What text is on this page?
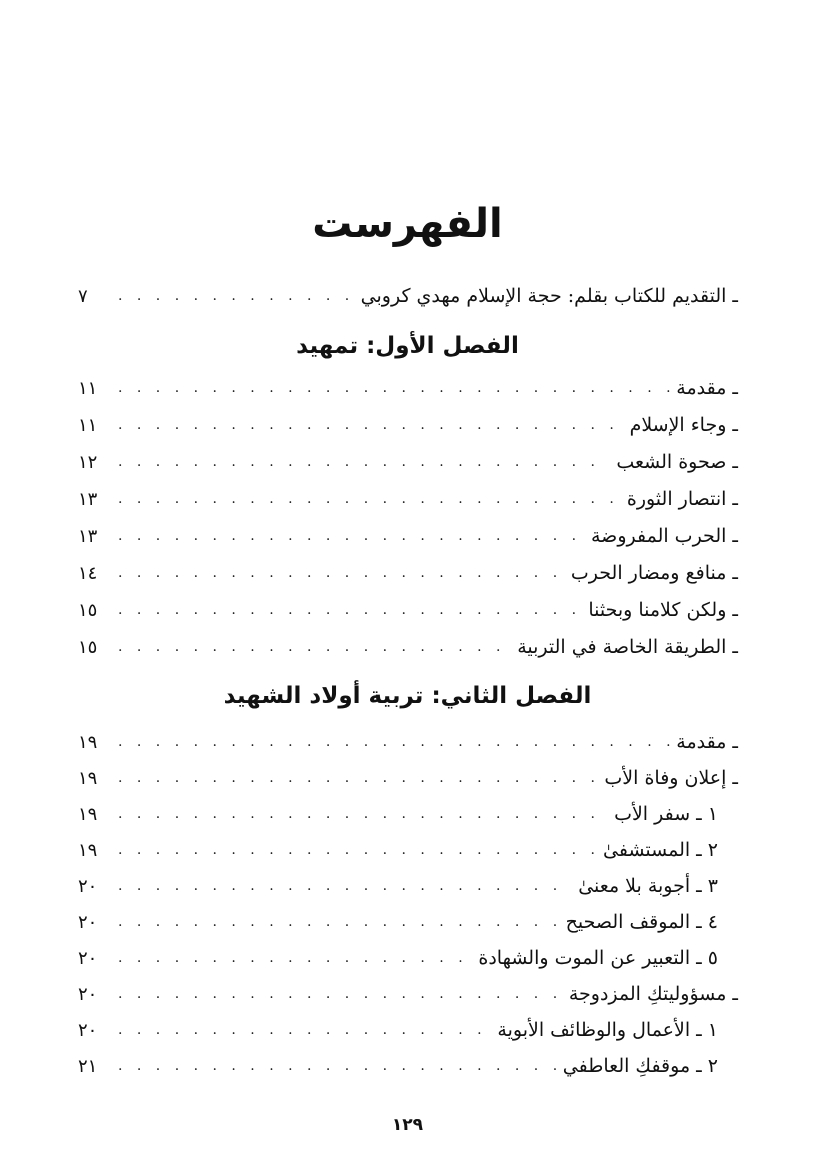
الفهرست
ـ التقديم للكتاب بقلم: حجة الإسلام مهدي كروبي
. . .
٧
ـ مقدمة
. . .
١١
ـ وجاء الإسلام
. . .
١١
ـ صحوة الشعب
. . .
١٢
ـ انتصار الثورة
. . .
١٣
ـ الحرب المفروضة
. . .
١٣
ـ منافع ومضار الحرب
. . .
١٤
ـ ولكن كلامنا وبحثنا
. . .
١٥
ـ الطريقة الخاصة في التربية
. . .
١٥
ـ مقدمة
. . .
١٩
ـ إعلان وفاة الأب
. . .
١٩
١ ـ سفر الأب
. . .
١٩
٢ ـ المستشفىٰ
. . .
١٩
٣ ـ أجوبة بلا معنىٰ
. . .
٢٠
٤ ـ الموقف الصحيح
. . .
٢٠
٥ ـ التعبير عن الموت والشهادة
. . .
٢٠
ـ مسؤوليتكِ المزدوجة
. . .
٢٠
١ ـ الأعمال والوظائف الأبوية
. . .
٢٠
٢ ـ موقفكِ العاطفي
. . .
٢١
الفصل الأول: تمهيد
الفصل الثاني: تربية أولاد الشهيد
١٢٩
